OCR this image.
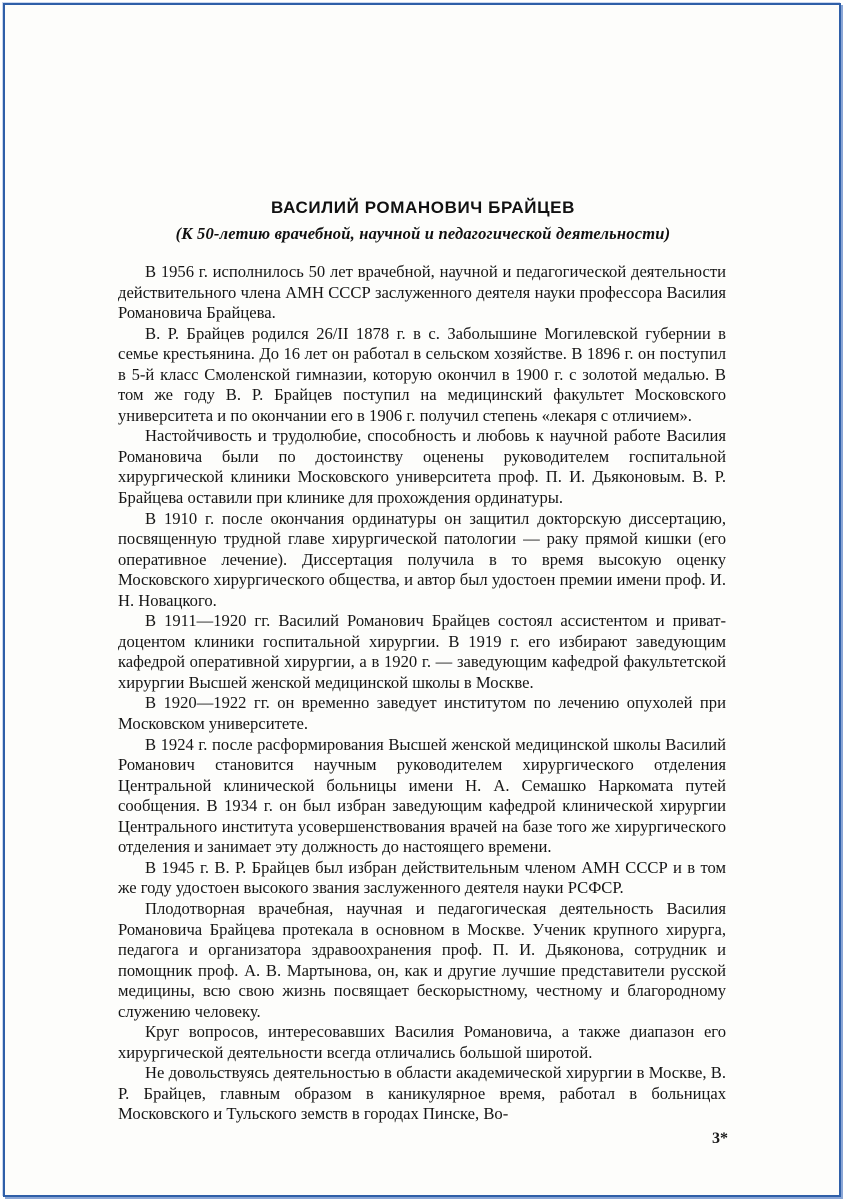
ВАСИЛИЙ РОМАНОВИЧ БРАЙЦЕВ
(К 50-летию врачебной, научной и педагогической деятельности)

В 1956 г. исполнилось 50 лет врачебной, научной и педагогической деятельности действительного члена АМН СССР заслуженного деятеля науки профессора Василия Романовича Брайцева.

В. Р. Брайцев родился 26/II 1878 г. в с. Заболышине Могилевской губернии в семье крестьянина. До 16 лет он работал в сельском хозяйстве. В 1896 г. он поступил в 5-й класс Смоленской гимназии, которую окончил в 1900 г. с золотой медалью. В том же году В. Р. Брайцев поступил на медицинский факультет Московского университета и по окончании его в 1906 г. получил степень «лекаря с отличием».

Настойчивость и трудолюбие, способность и любовь к научной работе Василия Романовича были по достоинству оценены руководителем госпитальной хирургической клиники Московского университета проф. П. И. Дьяконовым. В. Р. Брайцева оставили при клинике для прохождения ординатуры.

В 1910 г. после окончания ординатуры он защитил докторскую диссертацию, посвященную трудной главе хирургической патологии — раку прямой кишки (его оперативное лечение). Диссертация получила в то время высокую оценку Московского хирургического общества, и автор был удостоен премии имени проф. И. Н. Новацкого.

В 1911—1920 гг. Василий Романович Брайцев состоял ассистентом и приват-доцентом клиники госпитальной хирургии. В 1919 г. его избирают заведующим кафедрой оперативной хирургии, а в 1920 г. — заведующим кафедрой факультетской хирургии Высшей женской медицинской школы в Москве.

В 1920—1922 гг. он временно заведует институтом по лечению опухолей при Московском университете.

В 1924 г. после расформирования Высшей женской медицинской школы Василий Романович становится научным руководителем хирургического отделения Центральной клинической больницы имени Н. А. Семашко Наркомата путей сообщения. В 1934 г. он был избран заведующим кафедрой клинической хирургии Центрального института усовершенствования врачей на базе того же хирургического отделения и занимает эту должность до настоящего времени.

В 1945 г. В. Р. Брайцев был избран действительным членом АМН СССР и в том же году удостоен высокого звания заслуженного деятеля науки РСФСР.

Плодотворная врачебная, научная и педагогическая деятельность Василия Романовича Брайцева протекала в основном в Москве. Ученик крупного хирурга, педагога и организатора здравоохранения проф. П. И. Дьяконова, сотрудник и помощник проф. А. В. Мартынова, он, как и другие лучшие представители русской медицины, всю свою жизнь посвящает бескорыстному, честному и благородному служению человеку.

Круг вопросов, интересовавших Василия Романовича, а также диапазон его хирургической деятельности всегда отличались большой широтой.

Не довольствуясь деятельностью в области академической хирургии в Москве, В. Р. Брайцев, главным образом в каникулярное время, работал в больницах Московского и Тульского земств в городах Пинске, Во-

3*
